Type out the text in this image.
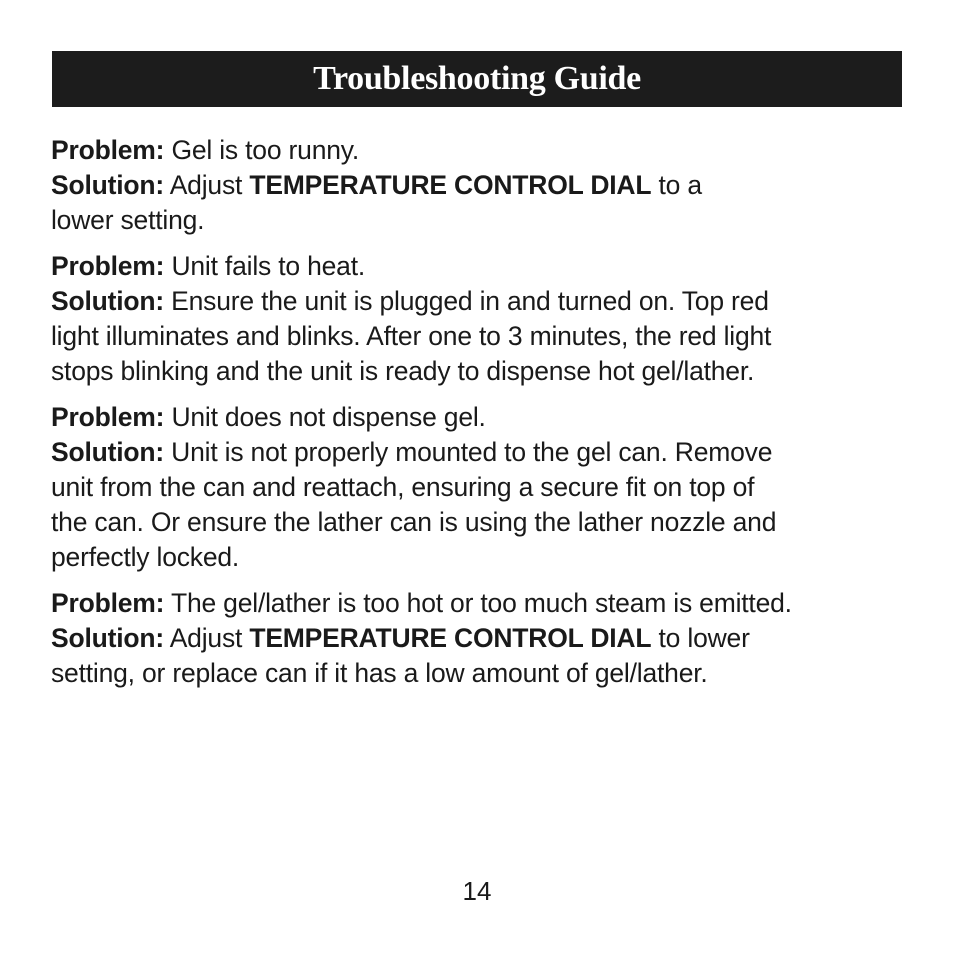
Troubleshooting Guide
Problem: Gel is too runny.
Solution: Adjust TEMPERATURE CONTROL DIAL to a
lower setting.
Problem: Unit fails to heat.
Solution: Ensure the unit is plugged in and turned on. Top red
light illuminates and blinks. After one to 3 minutes, the red light
stops blinking and the unit is ready to dispense hot gel/lather.
Problem: Unit does not dispense gel.
Solution: Unit is not properly mounted to the gel can. Remove
unit from the can and reattach, ensuring a secure fit on top of
the can. Or ensure the lather can is using the lather nozzle and
perfectly locked.
Problem: The gel/lather is too hot or too much steam is emitted.
Solution: Adjust TEMPERATURE CONTROL DIAL to lower
setting, or replace can if it has a low amount of gel/lather.
14
